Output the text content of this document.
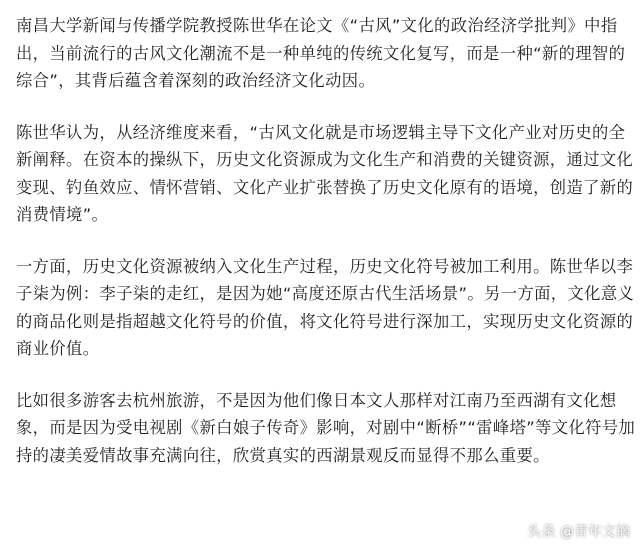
南昌大学新闻与传播学院教授陈世华在论文《“古风”文化的政治经济学批判》中指
出，当前流行的古风文化潮流不是一种单纯的传统文化复写，而是一种“新的理智的
综合”，其背后蕴含着深刻的政治经济文化动因。

陈世华认为，从经济维度来看，“古风文化就是市场逻辑主导下文化产业对历史的全
新阐释。在资本的操纵下，历史文化资源成为文化生产和消费的关键资源，通过文化
变现、钓鱼效应、情怀营销、文化产业扩张替换了历史文化原有的语境，创造了新的
消费情境”。

一方面，历史文化资源被纳入文化生产过程，历史文化符号被加工利用。陈世华以李
子柒为例：李子柒的走红，是因为她“高度还原古代生活场景”。另一方面，文化意义
的商品化则是指超越文化符号的价值，将文化符号进行深加工，实现历史文化资源的
商业价值。

比如很多游客去杭州旅游，不是因为他们像日本文人那样对江南乃至西湖有文化想
象，而是因为受电视剧《新白娘子传奇》影响，对剧中“断桥”“雷峰塔”等文化符号加
持的凄美爱情故事充满向往，欣赏真实的西湖景观反而显得不那么重要。

头条 @青年文摘
